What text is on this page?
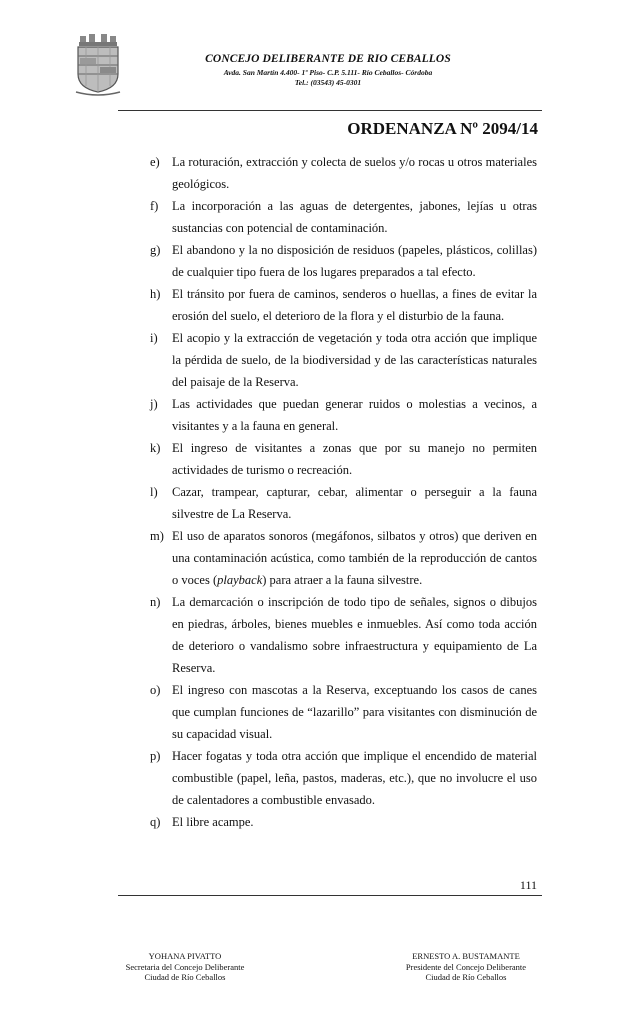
CONCEJO DELIBERANTE DE RIO CEBALLOS
Avda. San Martín 4.400- 1º Piso- C.P. 5.111- Río Ceballos- Córdoba
Tel.: (03543) 45-0301
ORDENANZA Nº 2094/14
e) La roturación, extracción y colecta de suelos y/o rocas u otros materiales geológicos.
f)	La incorporación a las aguas de detergentes, jabones, lejías u otras sustancias con potencial de contaminación.
g) El abandono y la no disposición de residuos (papeles, plásticos, colillas) de cualquier tipo fuera de los lugares preparados a tal efecto.
h) El tránsito por fuera de caminos, senderos o huellas, a fines de evitar la erosión del suelo, el deterioro de la flora y el disturbio de la fauna.
i)	El acopio y la extracción de vegetación y toda otra acción que implique la pérdida de suelo, de la biodiversidad y de las características naturales del paisaje de la Reserva.
j)	Las actividades que puedan generar ruidos o molestias a vecinos, a visitantes y a la fauna en general.
k) El ingreso de visitantes a zonas que por su manejo no permiten actividades de turismo o recreación.
l)	Cazar, trampear, capturar, cebar, alimentar o perseguir a la fauna silvestre de La Reserva.
m) El uso de aparatos sonoros (megáfonos, silbatos y otros) que deriven en una contaminación acústica, como también de la reproducción de cantos o voces (playback) para atraer a la fauna silvestre.
n) La demarcación o inscripción de todo tipo de señales, signos o dibujos en piedras, árboles, bienes muebles e inmuebles. Así como toda acción de deterioro o vandalismo sobre infraestructura y equipamiento de La Reserva.
o) El ingreso con mascotas a la Reserva, exceptuando los casos de canes que cumplan funciones de “lazarillo” para visitantes con disminución de su capacidad visual.
p) Hacer fogatas y toda otra acción que implique el encendido de material combustible (papel, leña, pastos, maderas, etc.), que no involucre el uso de calentadores a combustible envasado.
q) El libre acampe.
111
YOHANA PIVATTO
Secretaria del Concejo Deliberante
Ciudad de Río Ceballos
ERNESTO A. BUSTAMANTE
Presidente del Concejo Deliberante
Ciudad de Río Ceballos
